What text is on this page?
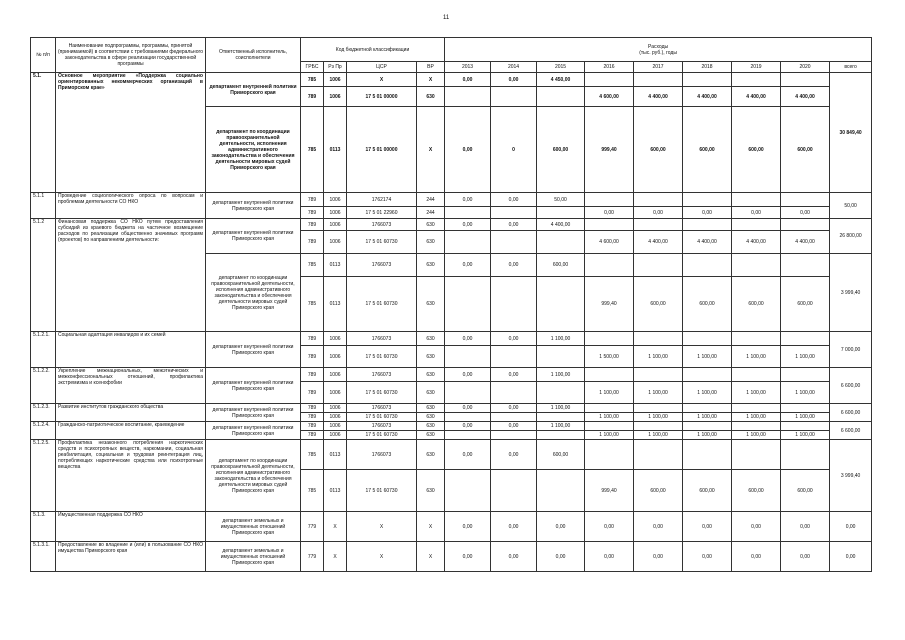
11
№ п/п	Наименование подпрограммы, программы, принятой (принимаемой) в соответствии с требованиями федерального законодательства в сфере реализации государственной программы	Ответственный исполнитель, соисполнители	Код бюджетной классификации				Расходы
(тыс. руб.), годы								
			ГРБС	Рз Пр	ЦСР	ВР	2013	2014	2015	2016	2017	2018	2019	2020	всего
5.1.	Основное мероприятие «Поддержка социально ориентированных некоммерческих организаций в Приморском крае»	департамент внутренней политики Приморского края	785	1006	X	X	0,00	0,00	4 450,00						30 849,40
			789	1006	17 5 01 00000	630				4 600,00	4 400,00	4 400,00	4 400,00	4 400,00	
		департамент по координации правоохранительной деятельности, исполнения административного законодательства и обеспечения деятельности мировых судей Приморского края	785	0113	17 5 01 00000	X	0,00	0	600,00	999,40	600,00	600,00	600,00	600,00	
5.1.1	Проведение социологического опроса по вопросам и проблемам деятельности СО НКО	департамент внутренней политики Приморского края	789	1006	1762174	244	0,00	0,00	50,00						50,00
			789	1006	17 5 01 22960	244				0,00	0,00	0,00	0,00	0,00	
5.1.2	Финансовая поддержка СО НКО путем предоставления субсидий из краевого бюджета на частичное возмещение расходов по реализации общественно значимых программ (проектов) по направлениям деятельности:	департамент внутренней политики Приморского края	789	1006	1766073	630	0,00	0,00	4 400,00						26 800,00
			789	1006	17 5 01 60730	630				4 600,00	4 400,00	4 400,00	4 400,00	4 400,00	
		департамент по координации правоохранительной деятельности, исполнения административного законодательства и обеспечения деятельности мировых судей Приморского края	785	0113	1766073	630	0,00	0,00	600,00						3 999,40
			785	0113	17 5 01 60730	630				999,40	600,00	600,00	600,00	600,00	
5.1.2.1.	Социальная адаптация инвалидов и их семей	департамент внутренней политики Приморского края	789	1006	1766073	630	0,00	0,00	1 100,00						7 000,00
			789	1006	17 5 01 60730	630				1 500,00	1 100,00	1 100,00	1 100,00	1 100,00	
5.1.2.2.	Укрепление межнациональных, межэтнических и межконфессиональных отношений, профилактика экстремизма и ксенофобии	департамент внутренней политики Приморского края	789	1006	1766073	630	0,00	0,00	1 100,00						6 600,00
			789	1006	17 5 01 60730	630				1 100,00	1 100,00	1 100,00	1 100,00	1 100,00	
5.1.2.3.	Развитие институтов гражданского общества	департамент внутренней политики Приморского края	789	1006	1766073	630	0,00	0,00	1 100,00						6 600,00
			789	1006	17 5 01 60730	630				1 100,00	1 100,00	1 100,00	1 100,00	1 100,00	
5.1.2.4.	Гражданско-патриотическое воспитание, краеведение	департамент внутренней политики Приморского края	789	1006	1766073	630	0,00	0,00	1 100,00						6 600,00
			789	1006	17 5 01 60730	630				1 100,00	1 100,00	1 100,00	1 100,00	1 100,00	
5.1.2.5.	Профилактика незаконного потребления наркотических средств и психотропных веществ, наркомании, социальная реабилитация, социальная и трудовая реинтеграция лиц, потребляющих наркотические средства или психотропные вещества	департамент по координации правоохранительной деятельности, исполнения административного законодательства и обеспечения деятельности мировых судей Приморского края	785	0113	1766073	630	0,00	0,00	600,00						3 999,40
			785	0113	17 5 01 60730	630				999,40	600,00	600,00	600,00	600,00	
5.1.3.	Имущественная поддержка СО НКО	департамент земельных и имущественных отношений Приморского края	779	X	X	X	0,00	0,00	0,00	0,00	0,00	0,00	0,00	0,00	0,00
5.1.3.1.	Предоставление во владение и (или) в пользование СО НКО имущества Приморского края	департамент земельных и имущественных отношений Приморского края	779	X	X	X	0,00	0,00	0,00	0,00	0,00	0,00	0,00	0,00	0,00
